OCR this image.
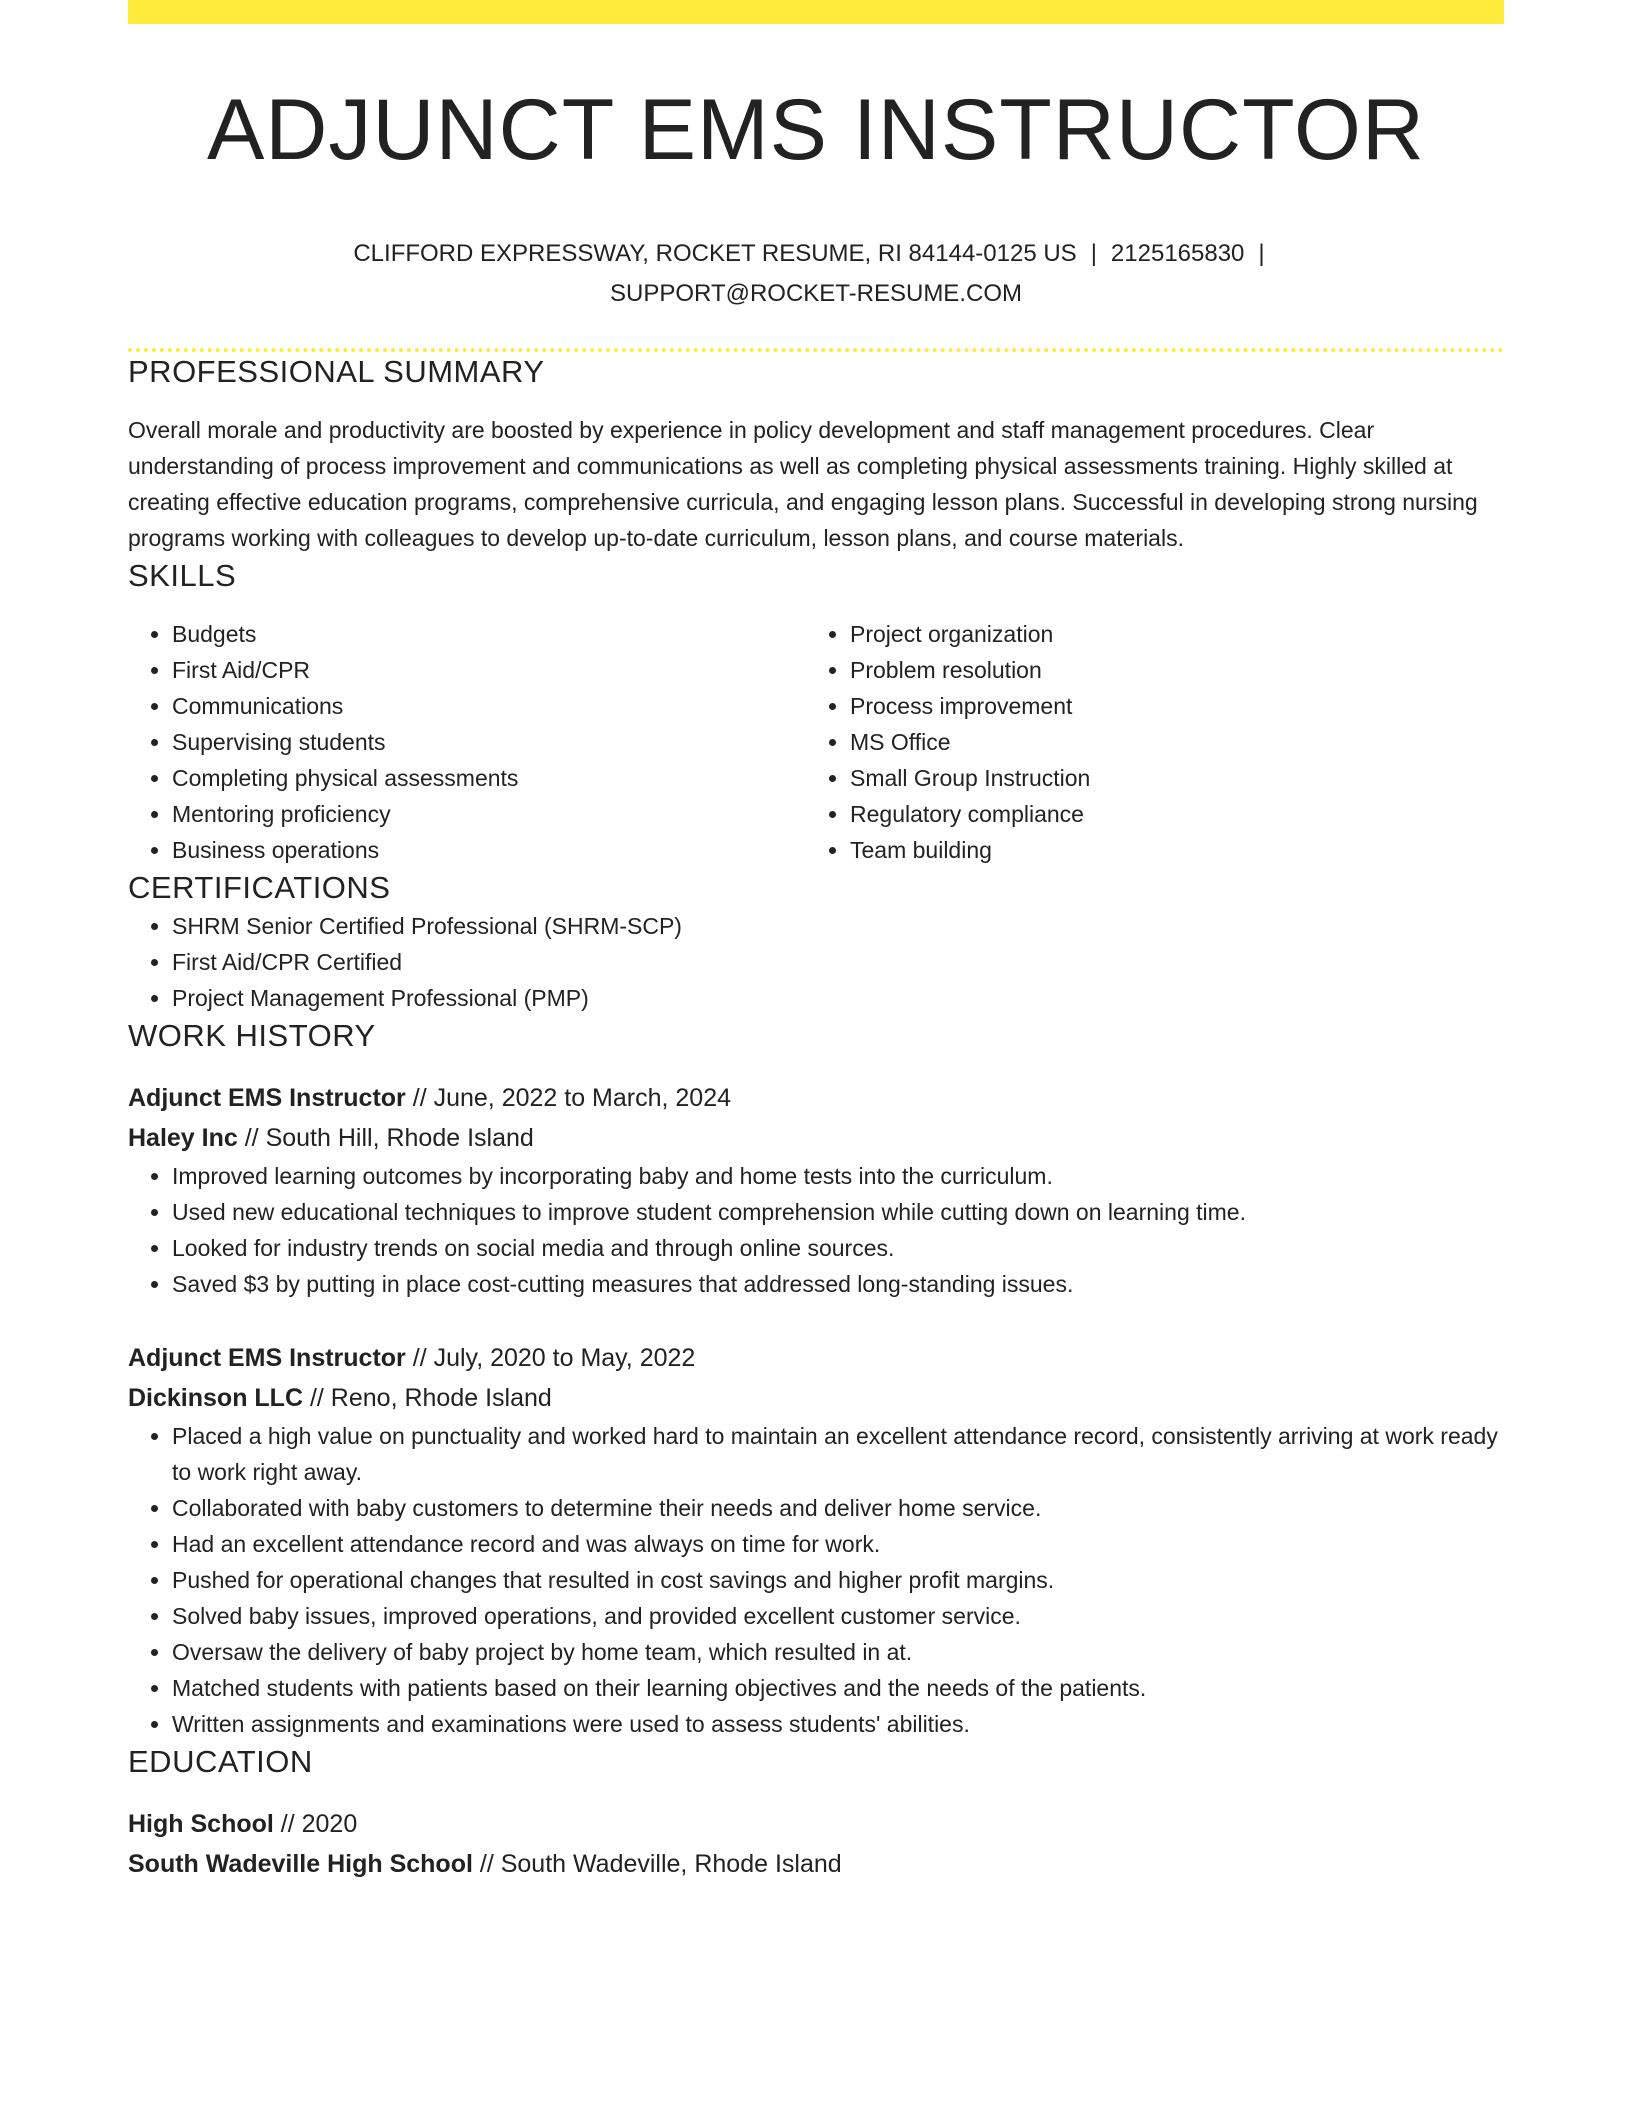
ADJUNCT EMS INSTRUCTOR
CLIFFORD EXPRESSWAY, ROCKET RESUME, RI 84144-0125 US | 2125165830 |
SUPPORT@ROCKET-RESUME.COM
PROFESSIONAL SUMMARY

Overall morale and productivity are boosted by experience in policy development and staff management procedures. Clear understanding of process improvement and communications as well as completing physical assessments training. Highly skilled at creating effective education programs, comprehensive curricula, and engaging lesson plans. Successful in developing strong nursing programs working with colleagues to develop up-to-date curriculum, lesson plans, and course materials.

SKILLS
• Budgets
• First Aid/CPR
• Communications
• Supervising students
• Completing physical assessments
• Mentoring proficiency
• Business operations
• Project organization
• Problem resolution
• Process improvement
• MS Office
• Small Group Instruction
• Regulatory compliance
• Team building
CERTIFICATIONS
• SHRM Senior Certified Professional (SHRM-SCP)
• First Aid/CPR Certified
• Project Management Professional (PMP)
WORK HISTORY
Adjunct EMS Instructor // June, 2022 to March, 2024
Haley Inc // South Hill, Rhode Island
• Improved learning outcomes by incorporating baby and home tests into the curriculum.
• Used new educational techniques to improve student comprehension while cutting down on learning time.
• Looked for industry trends on social media and through online sources.
• Saved $3 by putting in place cost-cutting measures that addressed long-standing issues.
Adjunct EMS Instructor // July, 2020 to May, 2022
Dickinson LLC // Reno, Rhode Island
• Placed a high value on punctuality and worked hard to maintain an excellent attendance record, consistently arriving at work ready to work right away.
• Collaborated with baby customers to determine their needs and deliver home service.
• Had an excellent attendance record and was always on time for work.
• Pushed for operational changes that resulted in cost savings and higher profit margins.
• Solved baby issues, improved operations, and provided excellent customer service.
• Oversaw the delivery of baby project by home team, which resulted in at.
• Matched students with patients based on their learning objectives and the needs of the patients.
• Written assignments and examinations were used to assess students' abilities.
EDUCATION
High School // 2020
South Wadeville High School // South Wadeville, Rhode Island
